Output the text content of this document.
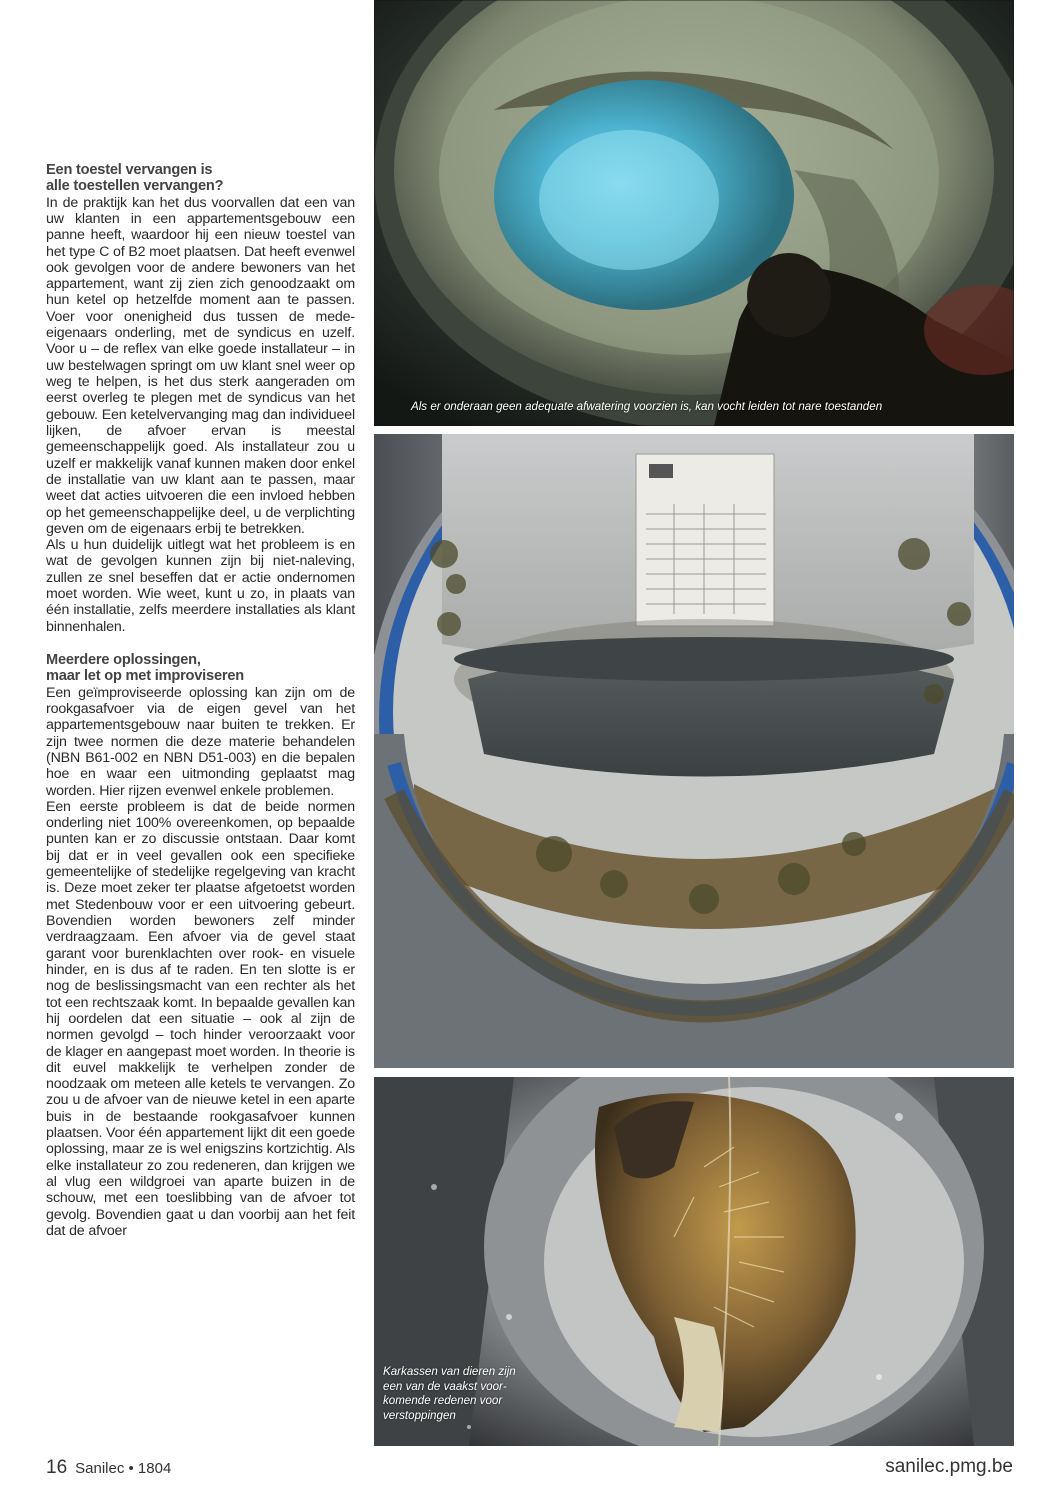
Een toestel vervangen is
alle toestellen vervangen?

In de praktijk kan het dus voorvallen dat een van uw klanten in een appartementsgebouw een panne heeft, waardoor hij een nieuw toestel van het type C of B2 moet plaatsen. Dat heeft evenwel ook gevolgen voor de andere bewoners van het appartement, want zij zien zich genoodzaakt om hun ketel op hetzelfde moment aan te passen. Voer voor onenigheid dus tussen de mede-eigenaars onderling, met de syndicus en uzelf. Voor u – de reflex van elke goede installateur – in uw bestelwagen springt om uw klant snel weer op weg te helpen, is het dus sterk aangeraden om eerst overleg te plegen met de syndicus van het gebouw. Een ketelvervanging mag dan individueel lijken, de afvoer ervan is meestal gemeenschappelijk goed. Als installateur zou u uzelf er makkelijk vanaf kunnen maken door enkel de installatie van uw klant aan te passen, maar weet dat acties uitvoeren die een invloed hebben op het gemeenschappelijke deel, u de verplichting geven om de eigenaars erbij te betrekken.

Als u hun duidelijk uitlegt wat het probleem is en wat de gevolgen kunnen zijn bij niet-naleving, zullen ze snel beseffen dat er actie ondernomen moet worden. Wie weet, kunt u zo, in plaats van één installatie, zelfs meerdere installaties als klant binnenhalen.

Meerdere oplossingen,
maar let op met improviseren

Een geïmproviseerde oplossing kan zijn om de rookgasafvoer via de eigen gevel van het appartementsgebouw naar buiten te trekken. Er zijn twee normen die deze materie behandelen (NBN B61-002 en NBN D51-003) en die bepalen hoe en waar een uitmonding geplaatst mag worden. Hier rijzen evenwel enkele problemen.

Een eerste probleem is dat de beide normen onderling niet 100% overeenkomen, op bepaalde punten kan er zo discussie ontstaan. Daar komt bij dat er in veel gevallen ook een specifieke gemeentelijke of stedelijke regelgeving van kracht is. Deze moet zeker ter plaatse afgetoetst worden met Stedenbouw voor er een uitvoering gebeurt. Bovendien worden bewoners zelf minder verdraagzaam. Een afvoer via de gevel staat garant voor burenklachten over rook- en visuele hinder, en is dus af te raden. En ten slotte is er nog de beslissingsmacht van een rechter als het tot een rechtszaak komt. In bepaalde gevallen kan hij oordelen dat een situatie – ook al zijn de normen gevolgd – toch hinder veroorzaakt voor de klager en aangepast moet worden. In theorie is dit euvel makkelijk te verhelpen zonder de noodzaak om meteen alle ketels te vervangen. Zo zou u de afvoer van de nieuwe ketel in een aparte buis in de bestaande rookgasafvoer kunnen plaatsen. Voor één appartement lijkt dit een goede oplossing, maar ze is wel enigszins kortzichtig. Als elke installateur zo zou redeneren, dan krijgen we al vlug een wildgroei van aparte buizen in de schouw, met een toeslibbing van de afvoer tot gevolg. Bovendien gaat u dan voorbij aan het feit dat de afvoer

Als er onderaan geen adequate afwatering voorzien is, kan vocht leiden tot nare toestanden
Karkassen van dieren zijn een van de vaakst voorkomende redenen voor verstoppingen
16 Sanilec • 1804	sanilec.pmg.be
